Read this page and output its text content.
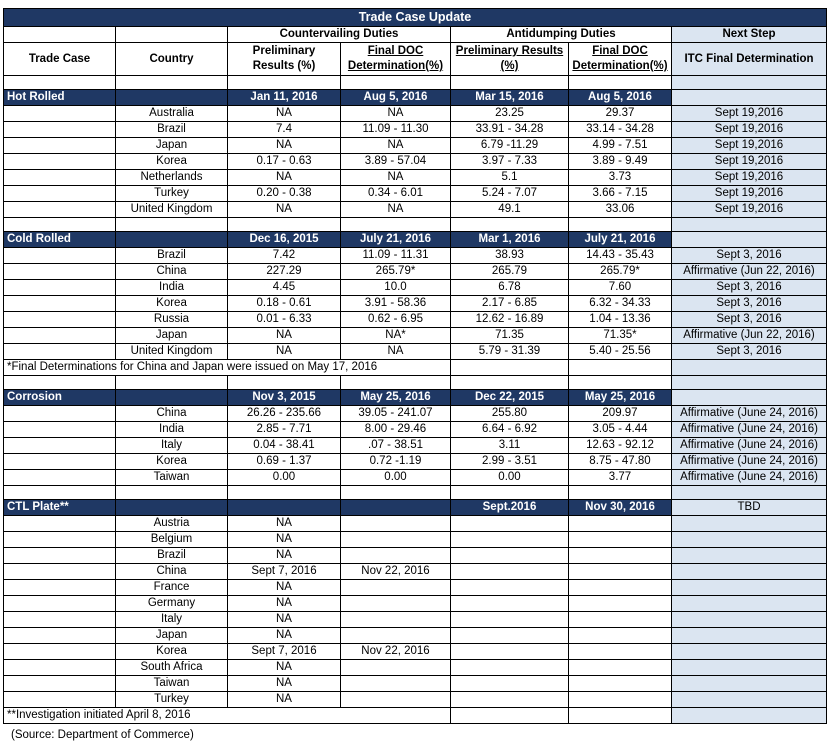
Trade Case Update						
		Countervailing Duties		Antidumping Duties		Next Step
Trade Case	Country	Preliminary Results (%)	Final DOC Determination(%)	Preliminary Results (%)	Final DOC Determination(%)	ITC Final Determination

Hot Rolled		Jan 11, 2016	Aug 5, 2016	Mar 15, 2016	Aug 5, 2016	
	Australia	NA	NA	23.25	29.37	Sept 19,2016
	Brazil	7.4	11.09 - 11.30	33.91 - 34.28	33.14 - 34.28	Sept 19,2016
	Japan	NA	NA	6.79 -11.29	4.99 - 7.51	Sept 19,2016
	Korea	0.17 - 0.63	3.89 - 57.04	3.97 - 7.33	3.89 - 9.49	Sept 19,2016
	Netherlands	NA	NA	5.1	3.73	Sept 19,2016
	Turkey	0.20 - 0.38	0.34 - 6.01	5.24 - 7.07	3.66 - 7.15	Sept 19,2016
	United Kingdom	NA	NA	49.1	33.06	Sept 19,2016

Cold Rolled		Dec 16, 2015	July 21, 2016	Mar 1, 2016	July 21, 2016	
	Brazil	7.42	11.09 - 11.31	38.93	14.43 - 35.43	Sept 3, 2016
	China	227.29	265.79*	265.79	265.79*	Affirmative (Jun 22, 2016)
	India	4.45	10.0	6.78	7.60	Sept 3, 2016
	Korea	0.18 - 0.61	3.91 - 58.36	2.17 - 6.85	6.32 - 34.33	Sept 3, 2016
	Russia	0.01 - 6.33	0.62 - 6.95	12.62 - 16.89	1.04 - 13.36	Sept 3, 2016
	Japan	NA	NA*	71.35	71.35*	Affirmative (Jun 22, 2016)
	United Kingdom	NA	NA	5.79 - 31.39	5.40 - 25.56	Sept 3, 2016
*Final Determinations for China and Japan were issued on May 17, 2016						

Corrosion		Nov 3, 2015	May 25, 2016	Dec 22, 2015	May 25, 2016	
	China	26.26 - 235.66	39.05 - 241.07	255.80	209.97	Affirmative (June 24, 2016)
	India	2.85 - 7.71	8.00 - 29.46	6.64 - 6.92	3.05 - 4.44	Affirmative (June 24, 2016)
	Italy	0.04 - 38.41	.07 - 38.51	3.11	12.63 - 92.12	Affirmative (June 24, 2016)
	Korea	0.69 - 1.37	0.72 -1.19	2.99 - 3.51	8.75 - 47.80	Affirmative (June 24, 2016)
	Taiwan	0.00	0.00	0.00	3.77	Affirmative (June 24, 2016)

CTL Plate**				Sept.2016	Nov 30, 2016	TBD
	Austria	NA				
	Belgium	NA				
	Brazil	NA				
	China	Sept 7, 2016	Nov 22, 2016			
	France	NA				
	Germany	NA				
	Italy	NA				
	Japan	NA				
	Korea	Sept 7, 2016	Nov 22, 2016			
	South Africa	NA				
	Taiwan	NA				
	Turkey	NA				
**Investigation initiated April 8, 2016						
(Source: Department of Commerce)
